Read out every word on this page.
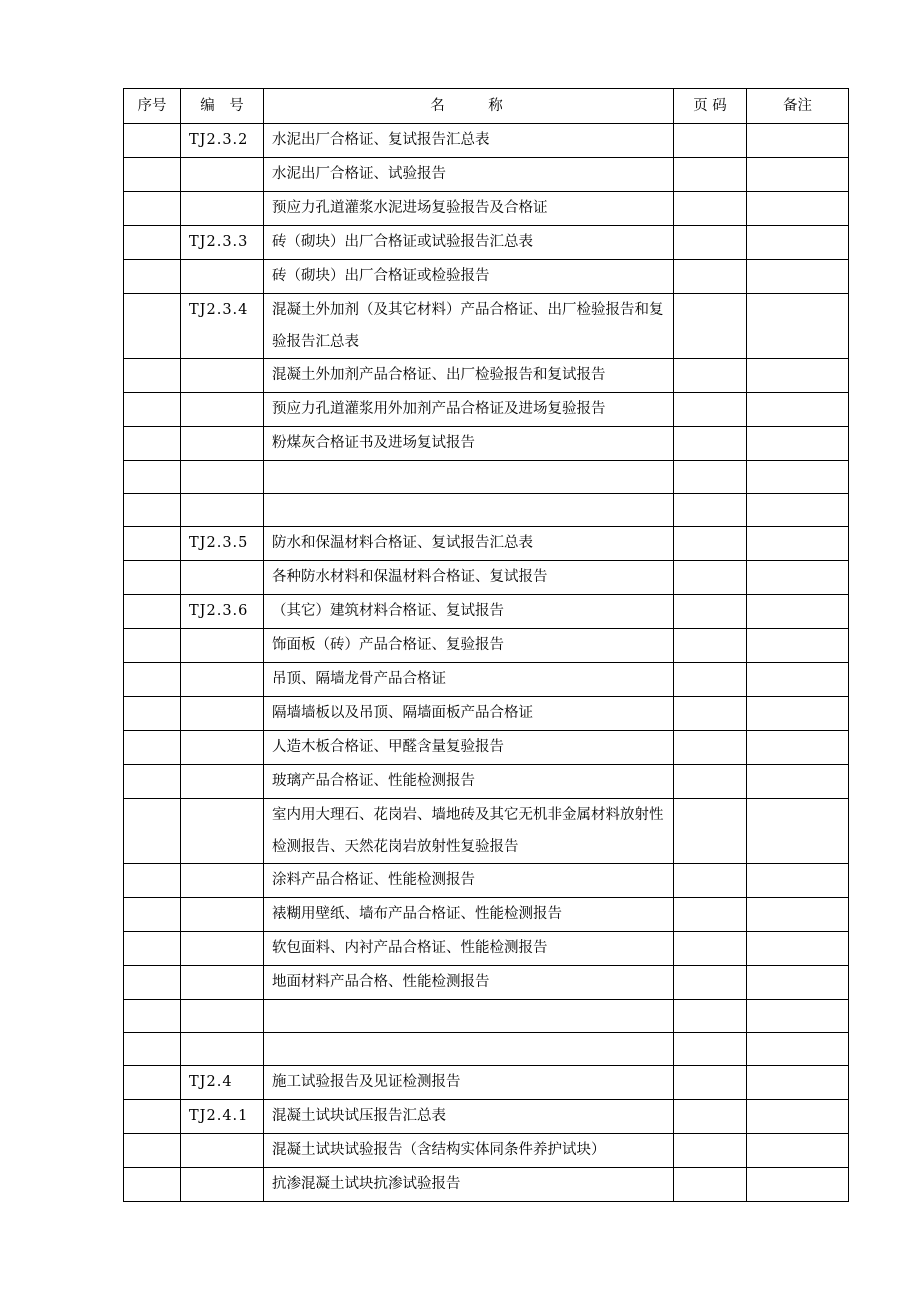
序号	编　号	名　　　称	页 码	备注
	TJ2.3.2	水泥出厂合格证、复试报告汇总表		
		水泥出厂合格证、试验报告		
		预应力孔道灌浆水泥进场复验报告及合格证		
	TJ2.3.3	砖（砌块）出厂合格证或试验报告汇总表		
		砖（砌块）出厂合格证或检验报告		
	TJ2.3.4	混凝土外加剂（及其它材料）产品合格证、出厂检验报告和复验报告汇总表		
		混凝土外加剂产品合格证、出厂检验报告和复试报告		
		预应力孔道灌浆用外加剂产品合格证及进场复验报告		
		粉煤灰合格证书及进场复试报告		

	TJ2.3.5	防水和保温材料合格证、复试报告汇总表		
		各种防水材料和保温材料合格证、复试报告		
	TJ2.3.6	（其它）建筑材料合格证、复试报告		
		饰面板（砖）产品合格证、复验报告		
		吊顶、隔墙龙骨产品合格证		
		隔墙墙板以及吊顶、隔墙面板产品合格证		
		人造木板合格证、甲醛含量复验报告		
		玻璃产品合格证、性能检测报告		
		室内用大理石、花岗岩、墙地砖及其它无机非金属材料放射性检测报告、天然花岗岩放射性复验报告		
		涂料产品合格证、性能检测报告		
		裱糊用壁纸、墙布产品合格证、性能检测报告		
		软包面料、内衬产品合格证、性能检测报告		
		地面材料产品合格、性能检测报告		

	TJ2.4	施工试验报告及见证检测报告		
	TJ2.4.1	混凝土试块试压报告汇总表		
		混凝土试块试验报告（含结构实体同条件养护试块）		
		抗渗混凝土试块抗渗试验报告		
